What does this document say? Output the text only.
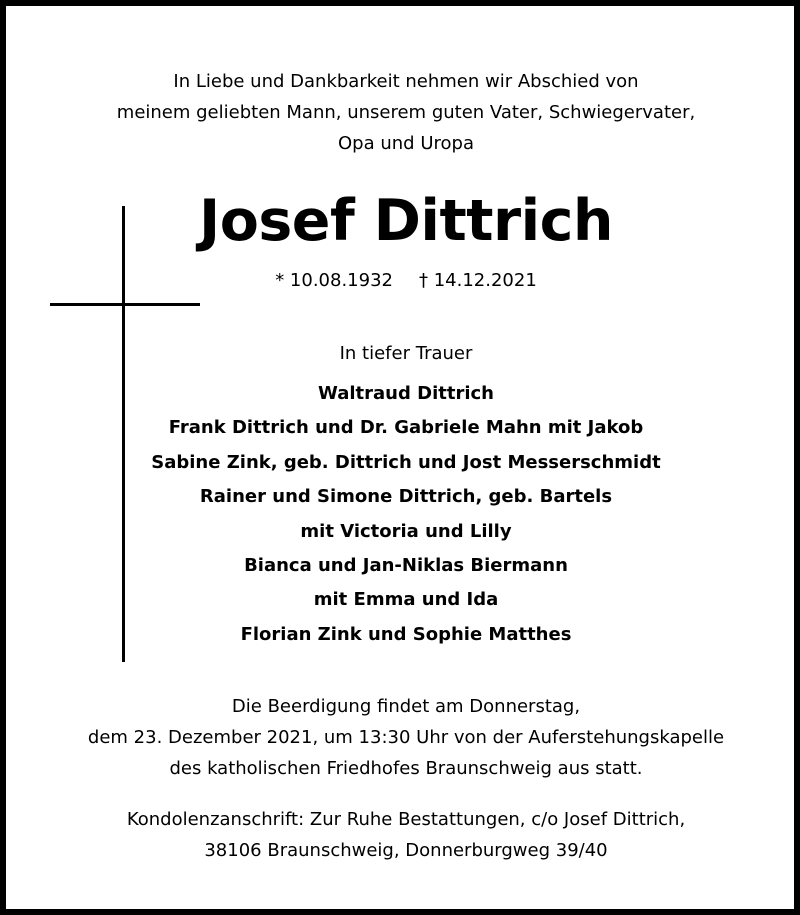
In Liebe und Dankbarkeit nehmen wir Abschied von
meinem geliebten Mann, unserem guten Vater, Schwiegervater,
Opa und Uropa
Josef Dittrich
* 10.08.1932 † 14.12.2021
In tiefer Trauer
Waltraud Dittrich
Frank Dittrich und Dr. Gabriele Mahn mit Jakob
Sabine Zink, geb. Dittrich und Jost Messerschmidt
Rainer und Simone Dittrich, geb. Bartels
mit Victoria und Lilly
Bianca und Jan-Niklas Biermann
mit Emma und Ida
Florian Zink und Sophie Matthes
Die Beerdigung findet am Donnerstag,
dem 23. Dezember 2021, um 13:30 Uhr von der Auferstehungskapelle
des katholischen Friedhofes Braunschweig aus statt.
Kondolenzanschrift: Zur Ruhe Bestattungen, c/o Josef Dittrich,
38106 Braunschweig, Donnerburgweg 39/40
